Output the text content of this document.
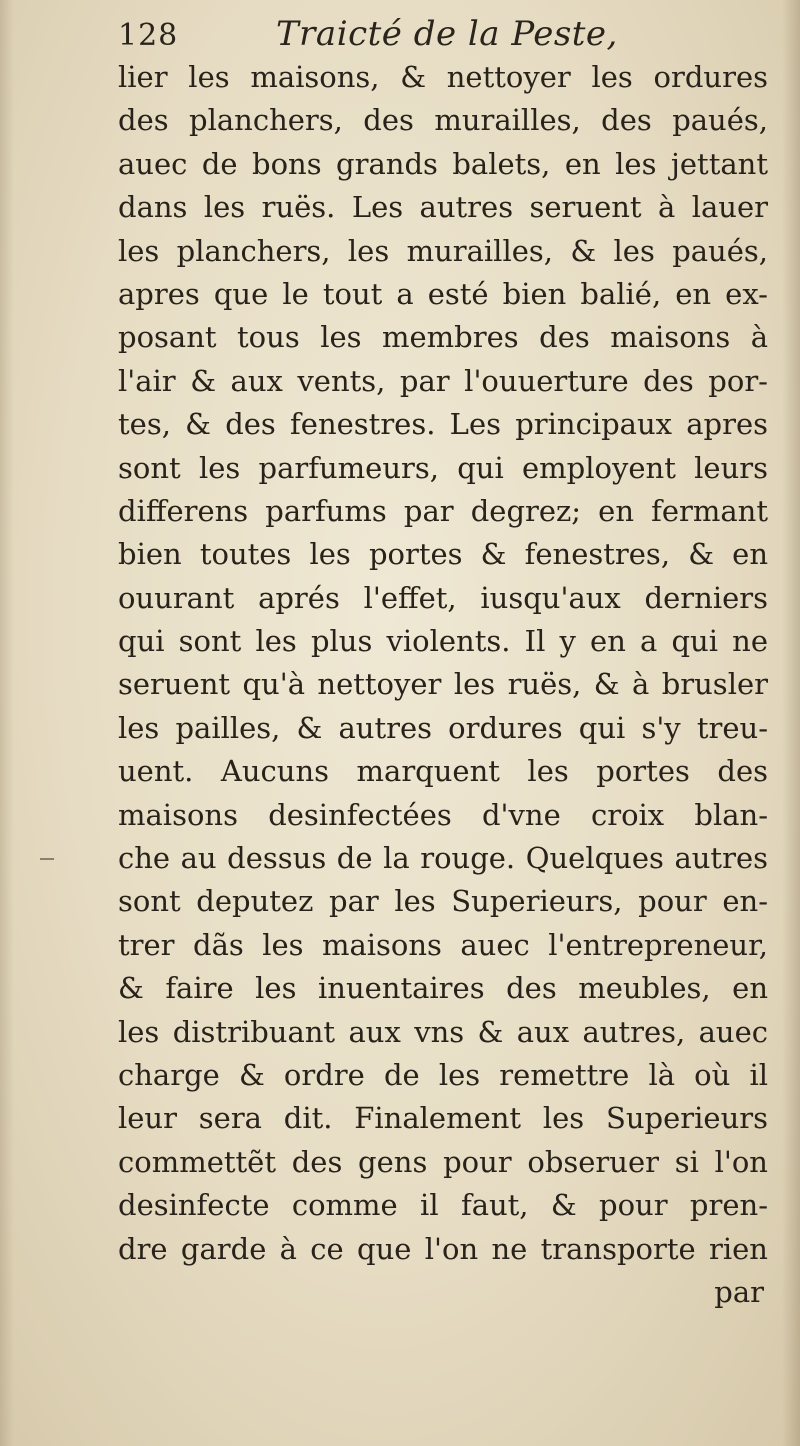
128	Traicté de la Peste,
lier les maisons, & nettoyer les ordures
des planchers, des murailles, des paués,
auec de bons grands balets, en les jettant
dans les ruës. Les autres seruent à lauer
les planchers, les murailles, & les paués,
apres que le tout a esté bien balié, en ex-
posant tous les membres des maisons à
l'air & aux vents, par l'ouuerture des por-
tes, & des fenestres. Les principaux apres
sont les parfumeurs, qui employent leurs
differens parfums par degrez; en fermant
bien toutes les portes & fenestres, & en
ouurant aprés l'effet, iusqu'aux derniers
qui sont les plus violents. Il y en a qui ne
seruent qu'à nettoyer les ruës, & à brusler
les pailles, & autres ordures qui s'y treu-
uent. Aucuns marquent les portes des
maisons desinfectées d'vne croix blan-
che au dessus de la rouge. Quelques autres
sont deputez par les Superieurs, pour en-
trer dãs les maisons auec l'entrepreneur,
& faire les inuentaires des meubles, en
les distribuant aux vns & aux autres, auec
charge & ordre de les remettre là où il
leur sera dit. Finalement les Superieurs
commettẽt des gens pour obseruer si l'on
desinfecte comme il faut, & pour pren-
dre garde à ce que l'on ne transporte rien
par
